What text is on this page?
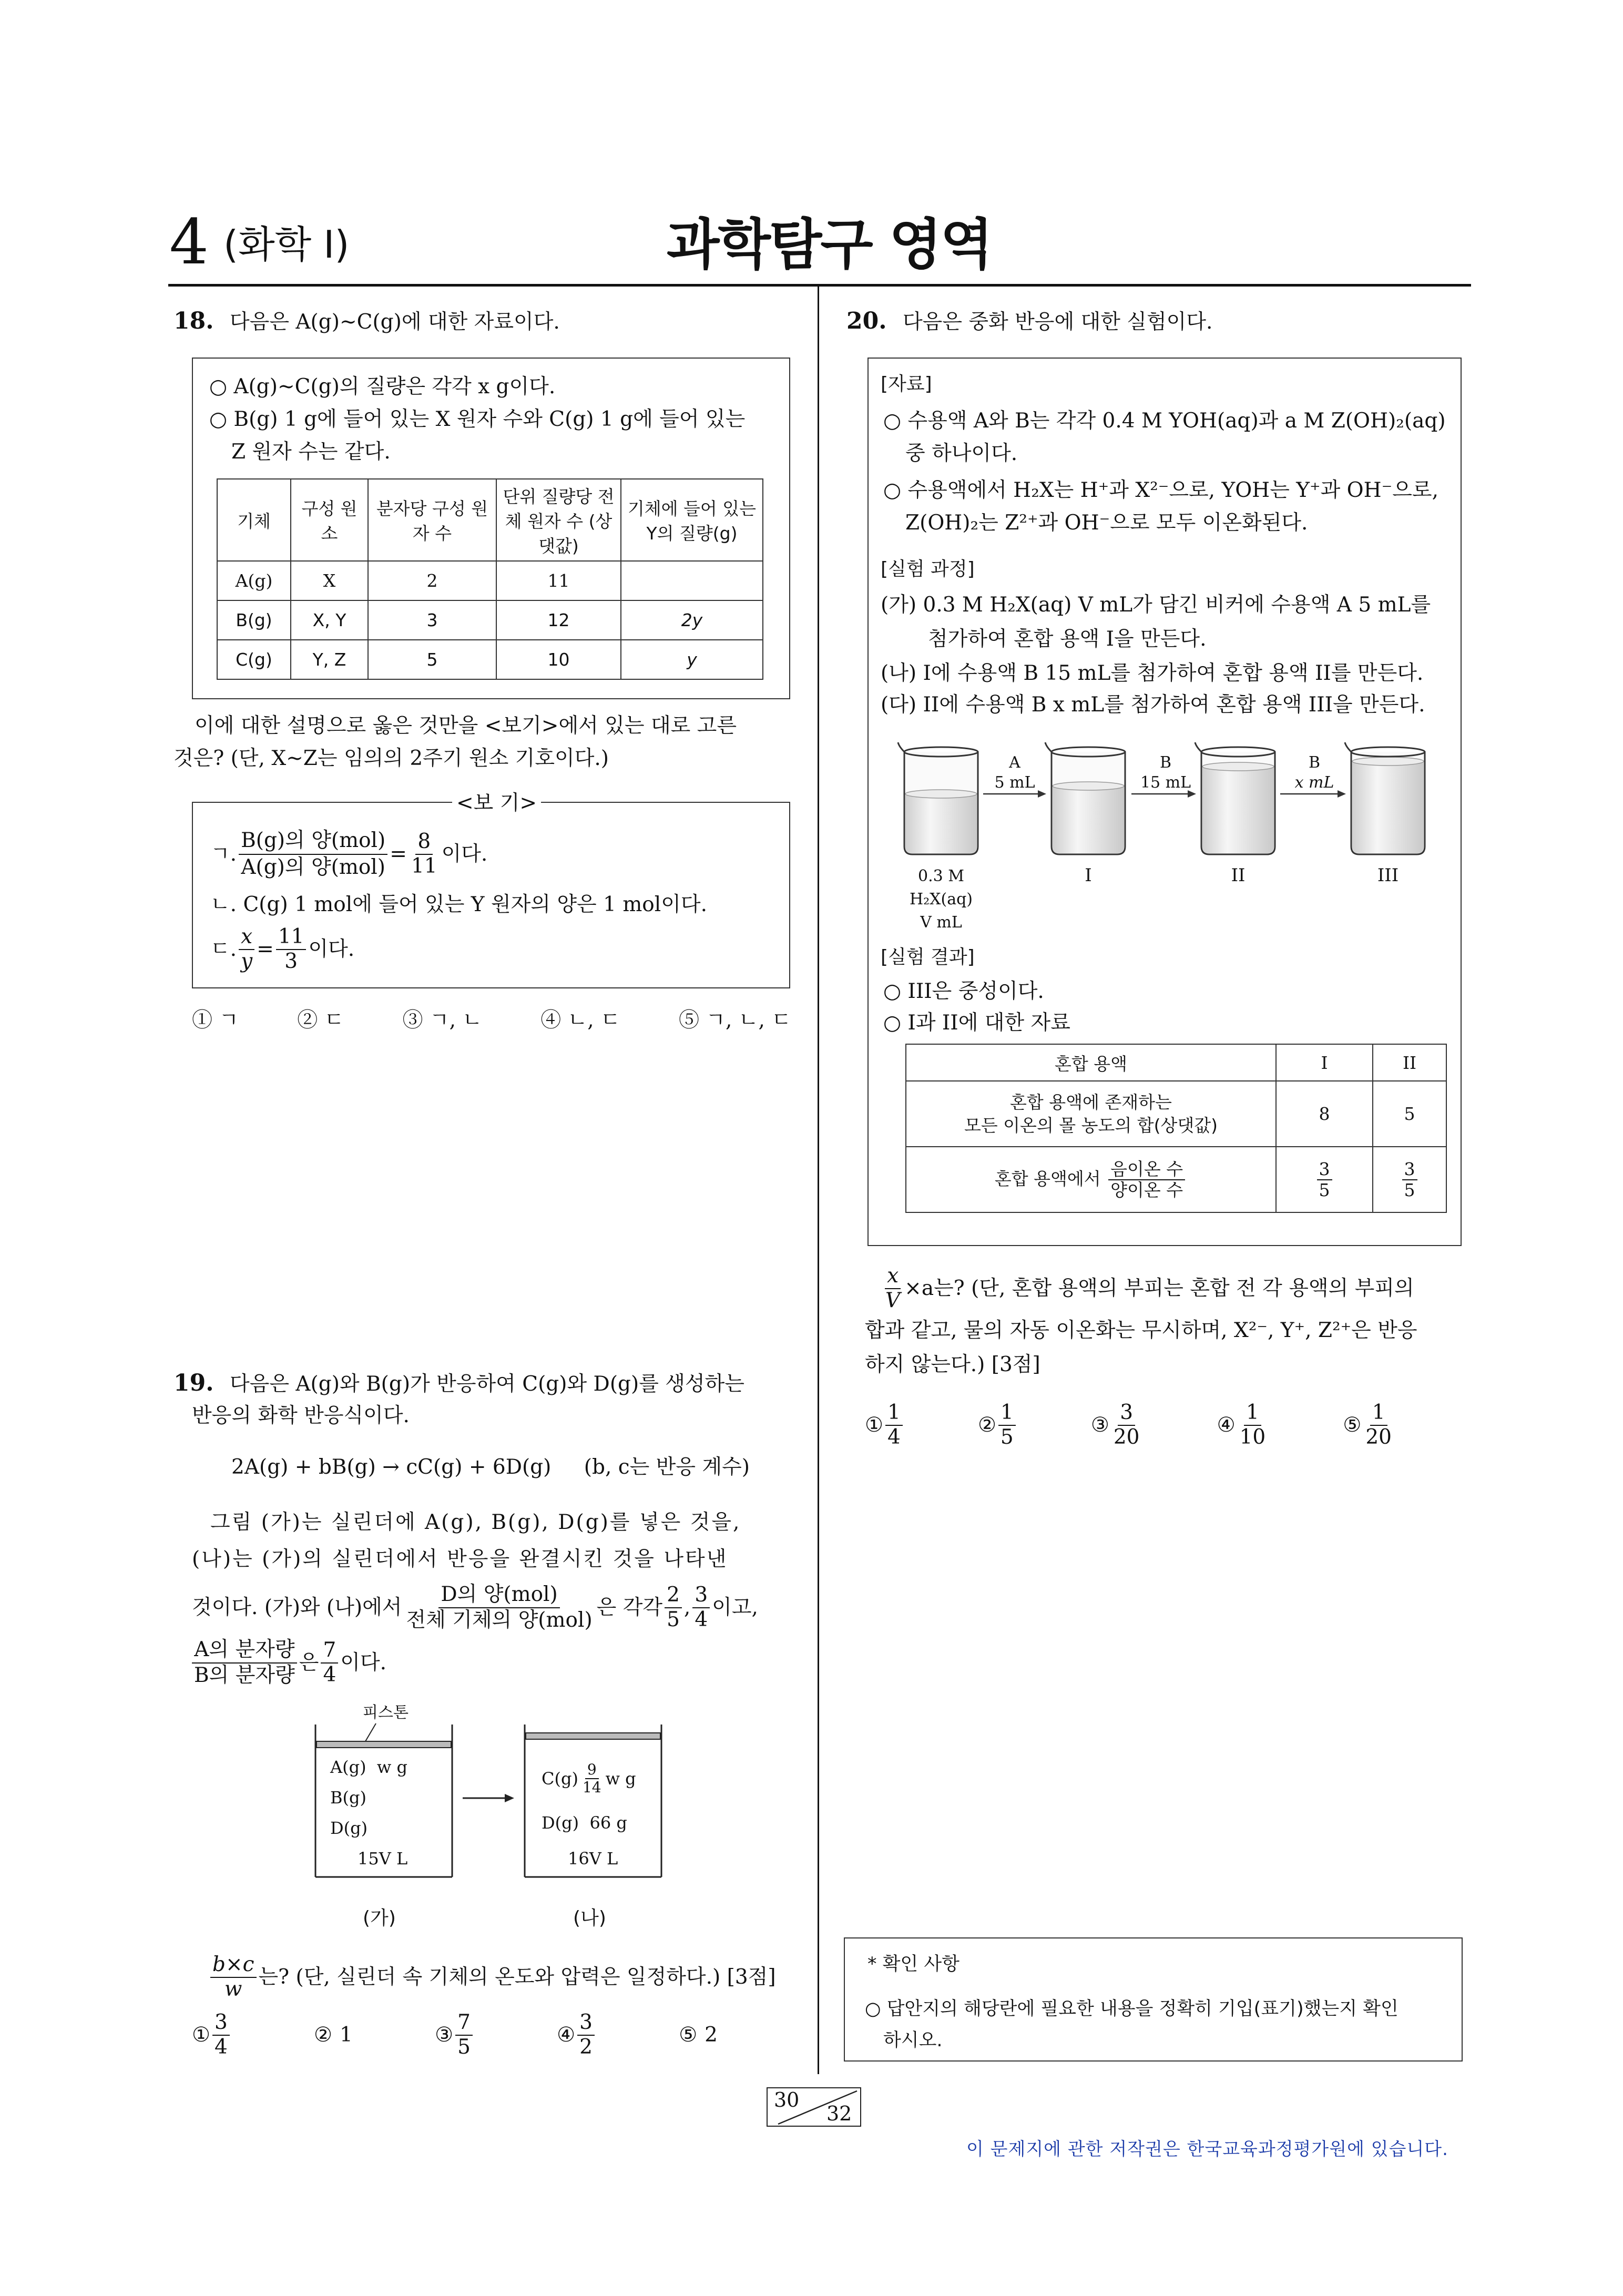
4 (화학 I)	과학탐구 영역
18. 다음은 A(g)~C(g)에 대한 자료이다.
○ A(g)~C(g)의 질량은 각각 x g이다.
○ B(g) 1 g에 들어 있는 X 원자 수와 C(g) 1 g에 들어 있는
Z 원자 수는 같다.
기체	구성 원소	분자당 구성 원자 수	단위 질량당 전체 원자 수 (상댓값)	기체에 들어 있는 Y의 질량(g)
A(g)	X	2	11	
B(g)	X, Y	3	12	2y
C(g)	Y, Z	5	10	y
이에 대한 설명으로 옳은 것만을 <보기>에서 있는 대로 고른
것은? (단, X~Z는 임의의 2주기 원소 기호이다.)
<보 기>
ㄱ. $\frac{\text{B(g)의 양(mol)}}{\text{A(g)의 양(mol)}} = \frac{8}{11}$ 이다.
ㄴ. C(g) 1 mol에 들어 있는 Y 원자의 양은 1 mol이다.
ㄷ. $\frac{x}{y} = \frac{11}{3}$ 이다.
① ㄱ	② ㄷ	③ ㄱ, ㄴ	④ ㄴ, ㄷ	⑤ ㄱ, ㄴ, ㄷ
19. 다음은 A(g)와 B(g)가 반응하여 C(g)와 D(g)를 생성하는
반응의 화학 반응식이다.
2A(g) + bB(g) → cC(g) + 6D(g) (b, c는 반응 계수)
그림 (가)는 실린더에 A(g), B(g), D(g)를 넣은 것을,
(나)는 (가)의 실린더에서 반응을 완결시킨 것을 나타낸
것이다. (가)와 (나)에서 $\frac{\text{D의 양(mol)}}{\text{전체 기체의 양(mol)}}$ 은 각각 $\frac{2}{5}$ , $\frac{3}{4}$ 이고,
$\frac{\text{A의 분자량}}{\text{B의 분자량}}$ 은 $\frac{7}{4}$ 이다.
피스톤
A(g)  w g
B(g)
D(g)
15V L
$C(g) \frac{9}{14}$ w g
D(g)  66 g
16V L
(가)	(나)
$\frac{b\times c}{w}$ 는? (단, 실린더 속 기체의 온도와 압력은 일정하다.) [3점]
① $\frac{3}{4}$	② 1	③ $\frac{7}{5}$	④ $\frac{3}{2}$	⑤ 2
20. 다음은 중화 반응에 대한 실험이다.
[자료]
○ 수용액 A와 B는 각각 0.4 M YOH(aq)과 a M Z(OH)₂(aq)
중 하나이다.
○ 수용액에서 H₂X는 H⁺과 X²⁻으로, YOH는 Y⁺과 OH⁻으로,
Z(OH)₂는 Z²⁺과 OH⁻으로 모두 이온화된다.
[실험 과정]
(가) 0.3 M H₂X(aq) V mL가 담긴 비커에 수용액 A 5 mL를
첨가하여 혼합 용액 I을 만든다.
(나) I에 수용액 B 15 mL를 첨가하여 혼합 용액 II를 만든다.
(다) II에 수용액 B x mL를 첨가하여 혼합 용액 III을 만든다.
A
5 mL
B
15 mL
B
x mL
0.3 M
H₂X(aq)
V mL
I	II	III
[실험 결과]
○ III은 중성이다.
○ I과 II에 대한 자료
혼합 용액	I	II

혼합 용액에 존재하는
모든 이온의 몰 농도의 합(상댓값)	8	5
혼합 용액에서 $\frac{\text{음이온 수}}{\text{양이온 수}}$	$\frac{3}{5}$	$\frac{3}{5}$
$\frac{x}{V} \times a$는? (단, 혼합 용액의 부피는 혼합 전 각 용액의 부피의
합과 같고, 물의 자동 이온화는 무시하며, X²⁻, Y⁺, Z²⁺은 반응
하지 않는다.) [3점]
① $\frac{1}{4}$	② $\frac{1}{5}$	③ $\frac{3}{20}$	④ $\frac{1}{10}$	⑤ $\frac{1}{20}$
* 확인 사항
○ 답안지의 해당란에 필요한 내용을 정확히 기입(표기)했는지 확인
하시오.
30
32
이 문제지에 관한 저작권은 한국교육과정평가원에 있습니다.
